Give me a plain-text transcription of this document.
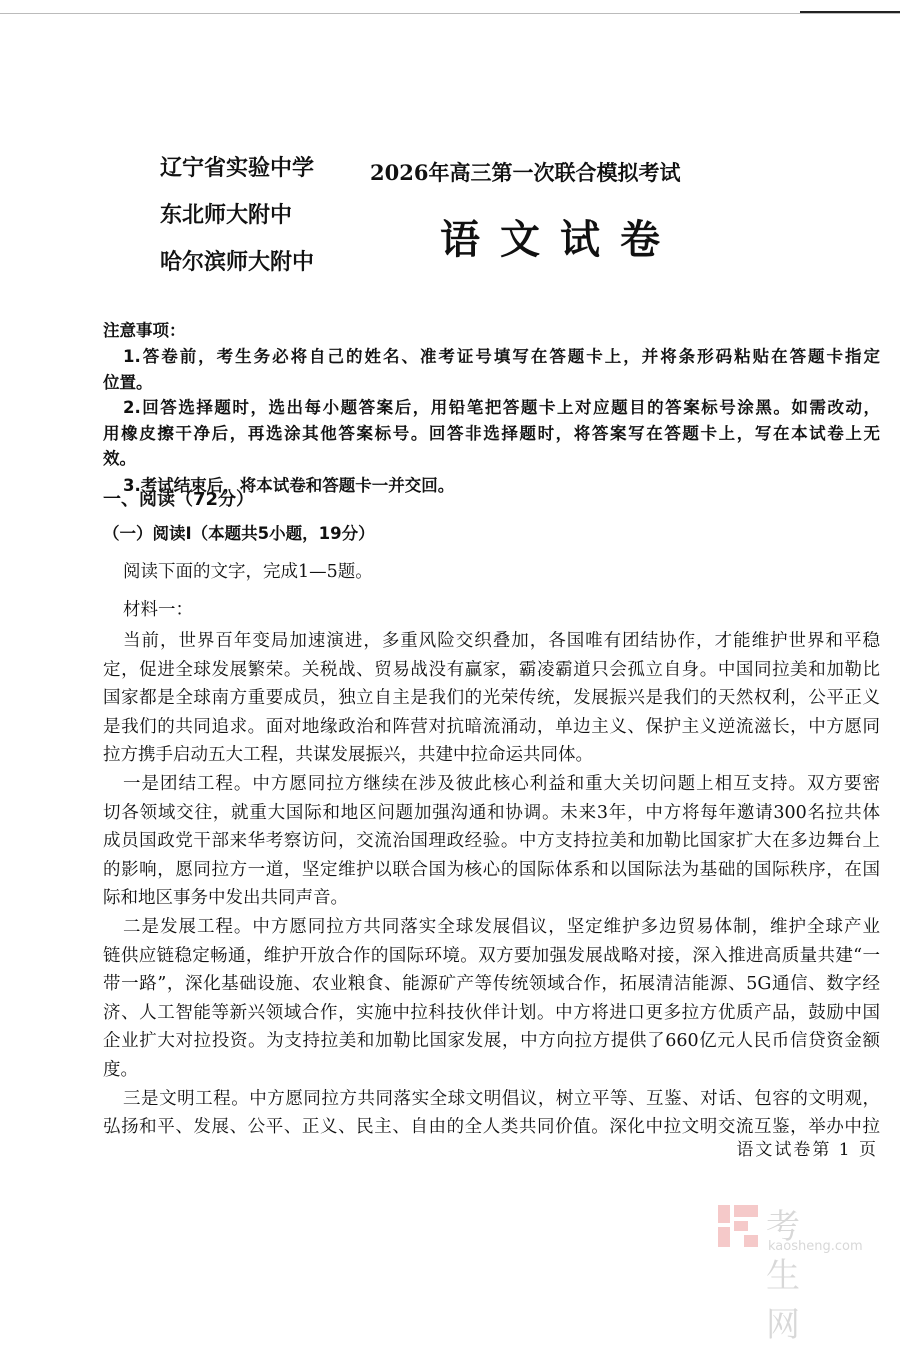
辽宁省实验中学
东北师大附中
哈尔滨师大附中
2026年高三第一次联合模拟考试
语文试卷
注意事项：
1.答卷前，考生务必将自己的姓名、准考证号填写在答题卡上，并将条形码粘贴在答题卡指定
位置。
2.回答选择题时，选出每小题答案后，用铅笔把答题卡上对应题目的答案标号涂黑。如需改动，
用橡皮擦干净后，再选涂其他答案标号。回答非选择题时，将答案写在答题卡上，写在本试卷上无
效。
3.考试结束后，将本试卷和答题卡一并交回。
一、阅读（72分）
（一）阅读Ⅰ（本题共5小题，19分）
阅读下面的文字，完成1—5题。
材料一：
当前，世界百年变局加速演进，多重风险交织叠加，各国唯有团结协作，才能维护世界和平稳
定，促进全球发展繁荣。关税战、贸易战没有赢家，霸凌霸道只会孤立自身。中国同拉美和加勒比
国家都是全球南方重要成员，独立自主是我们的光荣传统，发展振兴是我们的天然权利，公平正义
是我们的共同追求。面对地缘政治和阵营对抗暗流涌动，单边主义、保护主义逆流滋长，中方愿同
拉方携手启动五大工程，共谋发展振兴，共建中拉命运共同体。
一是团结工程。中方愿同拉方继续在涉及彼此核心利益和重大关切问题上相互支持。双方要密
切各领域交往，就重大国际和地区问题加强沟通和协调。未来3年，中方将每年邀请300名拉共体
成员国政党干部来华考察访问，交流治国理政经验。中方支持拉美和加勒比国家扩大在多边舞台上
的影响，愿同拉方一道，坚定维护以联合国为核心的国际体系和以国际法为基础的国际秩序，在国
际和地区事务中发出共同声音。
二是发展工程。中方愿同拉方共同落实全球发展倡议，坚定维护多边贸易体制，维护全球产业
链供应链稳定畅通，维护开放合作的国际环境。双方要加强发展战略对接，深入推进高质量共建“一
带一路”，深化基础设施、农业粮食、能源矿产等传统领域合作，拓展清洁能源、5G通信、数字经
济、人工智能等新兴领域合作，实施中拉科技伙伴计划。中方将进口更多拉方优质产品，鼓励中国
企业扩大对拉投资。为支持拉美和加勒比国家发展，中方向拉方提供了660亿元人民币信贷资金额
度。
三是文明工程。中方愿同拉方共同落实全球文明倡议，树立平等、互鉴、对话、包容的文明观，
弘扬和平、发展、公平、正义、民主、自由的全人类共同价值。深化中拉文明交流互鉴，举办中拉
语文试卷第 1 页
考生网
kaosheng.com
